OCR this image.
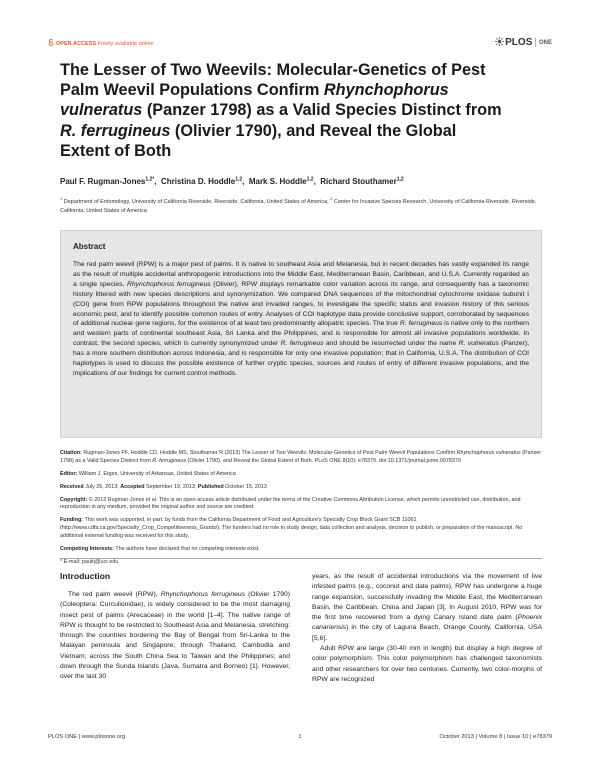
OPEN ACCESS Freely available online	PLOS | ONE
The Lesser of Two Weevils: Molecular-Genetics of Pest
Palm Weevil Populations Confirm Rhynchophorus
vulneratus (Panzer 1798) as a Valid Species Distinct from
R. ferrugineus (Olivier 1790), and Reveal the Global
Extent of Both
Paul F. Rugman-Jones$^{1,2*}$, Christina D. Hoddle$^{1,2}$, Mark S. Hoddle$^{1,2}$, Richard Stouthamer$^{1,2}$
$^1$ Department of Entomology, University of California Riverside, Riverside, California, United States of America, $^2$ Center for Invasive Species Research, University of California Riverside, Riverside, California, United States of America
Abstract
The red palm weevil (RPW) is a major pest of palms. It is native to southeast Asia and Melanesia, but in recent decades has vastly expanded its range as the result of multiple accidental anthropogenic introductions into the Middle East, Mediterranean Basin, Caribbean, and U.S.A. Currently regarded as a single species, Rhynchophorus ferrugineus (Olivier), RPW displays remarkable color variation across its range, and consequently has a taxonomic history littered with new species descriptions and synonymization. We compared DNA sequences of the mitochondrial cytochrome oxidase subunit I (COI) gene from RPW populations throughout the native and invaded ranges, to investigate the specific status and invasion history of this serious economic pest, and to identify possible common routes of entry. Analyses of COI haplotype data provide conclusive support, corroborated by sequences of additional nuclear gene regions, for the existence of at least two predominantly allopatric species. The true R. ferrugineus is native only to the northern and western parts of continental southeast Asia, Sri Lanka and the Philippines, and is responsible for almost all invasive populations worldwide. In contrast, the second species, which is currently synonymized under R. ferrugineus and should be resurrected under the name R. vulneratus (Panzer), has a more southern distribution across Indonesia, and is responsible for only one invasive population; that in California, U.S.A. The distribution of COI haplotypes is used to discuss the possible existence of further cryptic species, sources and routes of entry of different invasive populations, and the implications of our findings for current control methods.

Citation: Rugman-Jones PF, Hoddle CD, Hoddle MS, Stouthamer R (2013) The Lesser of Two Weevils: Molecular-Genetics of Pest Palm Weevil Populations Confirm Rhynchophorus vulneratus (Panzer 1798) as a Valid Species Distinct from R. ferrugineus (Olivier 1790), and Reveal the Global Extent of Both. PLoS ONE 8(10): e78379. doi:10.1371/journal.pone.0078379

Editor: William J. Etges, University of Arkansas, United States of America

Received July 25, 2013; Accepted September 19, 2013; Published October 15, 2013

Copyright: © 2013 Rugman-Jones et al. This is an open-access article distributed under the terms of the Creative Commons Attribution License, which permits unrestricted use, distribution, and reproduction in any medium, provided the original author and source are credited.

Funding: This work was supported, in part, by funds from the California Department of Food and Agriculture's Specialty Crop Block Grant SCB 11061 (http://www.cdfa.ca.gov/Specialty_Crop_Competitiveness_Grants/). The funders had no role in study design, data collection and analysis, decision to publish, or preparation of the manuscript. No additional external funding was received for this study.

Competing Interests: The authors have declared that no competing interests exist.

* E-mail: paulrj@ucr.edu

Introduction

The red palm weevil (RPW), Rhynchophorus ferrugineus (Olivier 1790) (Coleoptera: Curculionidae), is widely considered to be the most damaging insect pest of palms (Arecaceae) in the world [1–4]. The native range of RPW is thought to be restricted to Southeast Asia and Melanesia, stretching: through the countries bordering the Bay of Bengal from Sri-Lanka to the Malayan peninsula and Singapore; through Thailand, Cambodia and Vietnam; across the South China Sea to Taiwan and the Philippines; and down through the Sunda Islands (Java, Sumatra and Borneo) [1]. However, over the last 30

years, as the result of accidental introductions via the movement of live infested palms (e.g., coconut and date palms), RPW has undergone a huge range expansion, successfully invading the Middle East, the Mediterranean Basin, the Caribbean, China and Japan [3]. In August 2010, RPW was for the first time recovered from a dying Canary Island date palm (Phoenix canariensis) in the city of Laguna Beach, Orange County, California, USA [5,6].

Adult RPW are large (30-40 mm in length) but display a high degree of color polymorphism. This color polymorphism has challenged taxonomists and other researchers for over two centuries. Currently, two color-morphs of RPW are recognized

PLOS ONE | www.plosone.org	1	October 2013 | Volume 8 | Issue 10 | e78379
